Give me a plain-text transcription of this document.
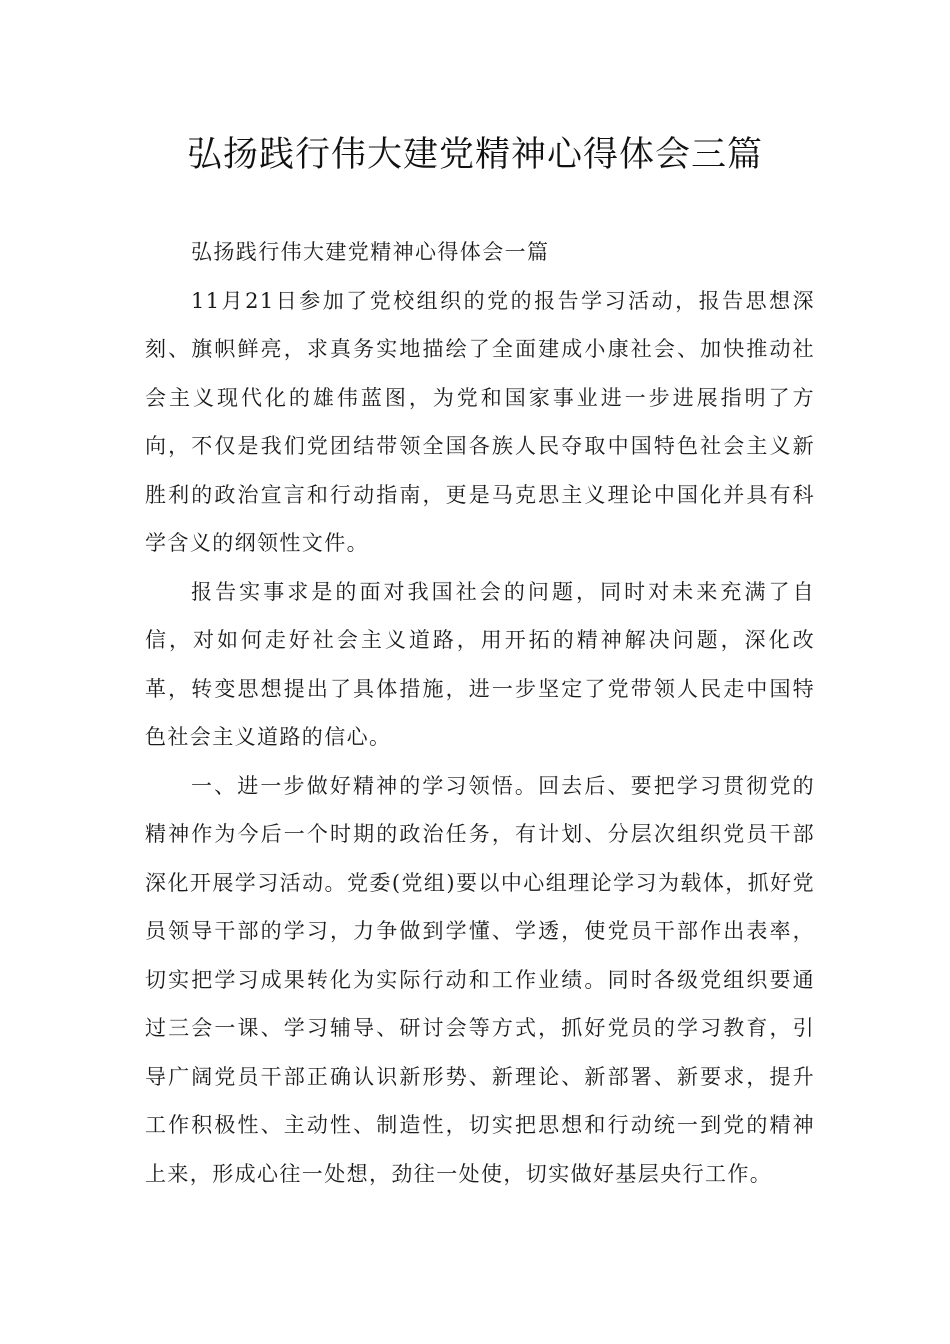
弘扬践行伟大建党精神心得体会三篇

弘扬践行伟大建党精神心得体会一篇

11月21日参加了党校组织的党的报告学习活动，报告思想深刻、旗帜鲜亮，求真务实地描绘了全面建成小康社会、加快推动社会主义现代化的雄伟蓝图，为党和国家事业进一步进展指明了方向，不仅是我们党团结带领全国各族人民夺取中国特色社会主义新胜利的政治宣言和行动指南，更是马克思主义理论中国化并具有科学含义的纲领性文件。

报告实事求是的面对我国社会的问题，同时对未来充满了自信，对如何走好社会主义道路，用开拓的精神解决问题，深化改革，转变思想提出了具体措施，进一步坚定了党带领人民走中国特色社会主义道路的信心。

一、进一步做好精神的学习领悟。回去后、要把学习贯彻党的精神作为今后一个时期的政治任务，有计划、分层次组织党员干部深化开展学习活动。党委(党组)要以中心组理论学习为载体，抓好党员领导干部的学习，力争做到学懂、学透，使党员干部作出表率，切实把学习成果转化为实际行动和工作业绩。同时各级党组织要通过三会一课、学习辅导、研讨会等方式，抓好党员的学习教育，引导广阔党员干部正确认识新形势、新理论、新部署、新要求，提升工作积极性、主动性、制造性，切实把思想和行动统一到党的精神上来，形成心往一处想，劲往一处使，切实做好基层央行工作。
